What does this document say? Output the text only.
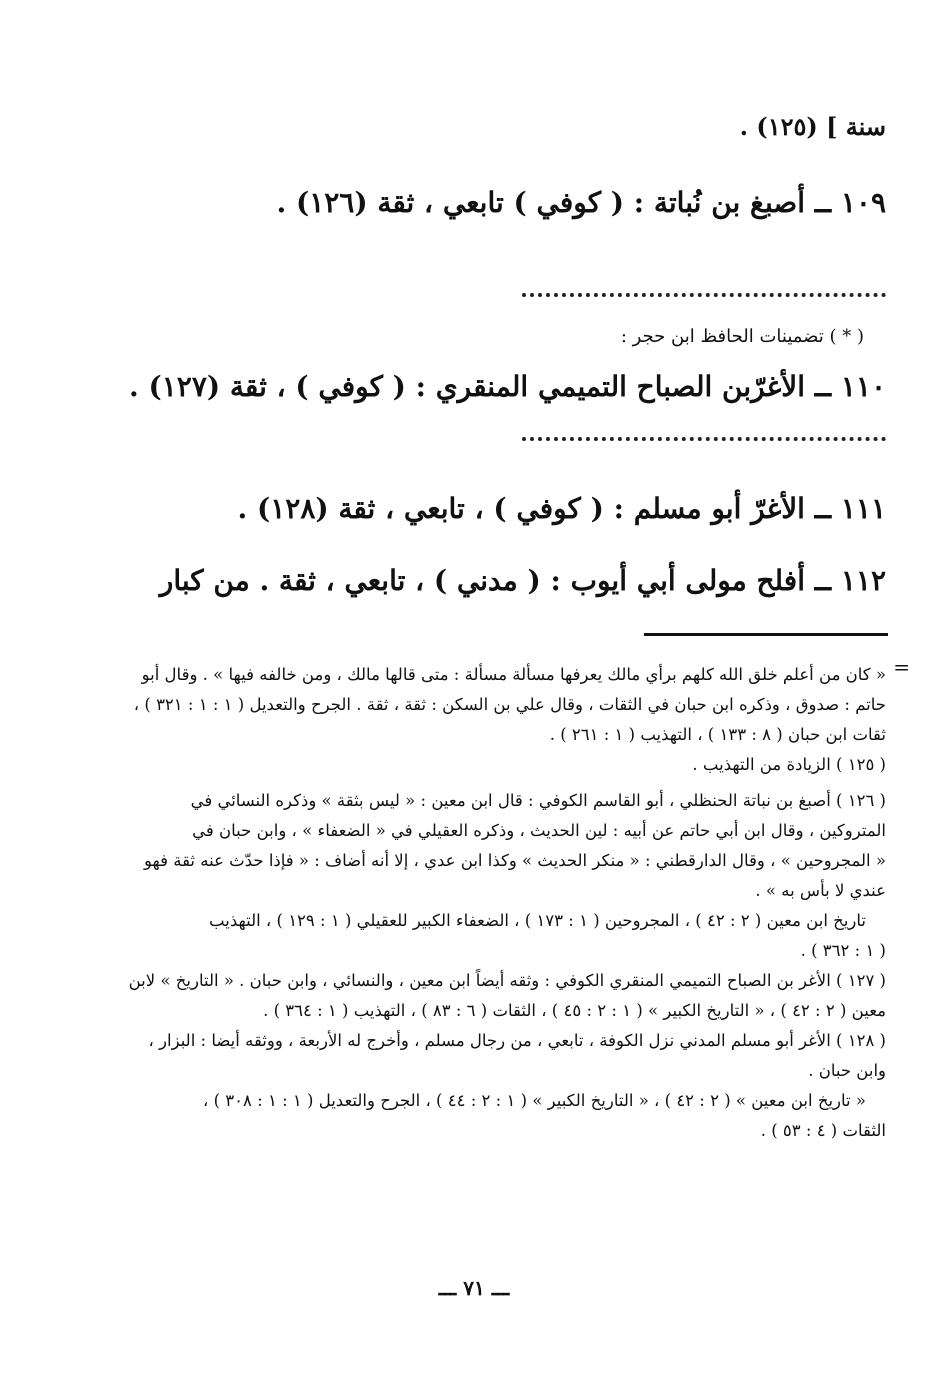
سنة ] (١٢٥) .
١٠٩ ــ أصبغ بن نُباتة : ( كوفي ) تابعي ، ثقة (١٢٦) .
( * ) تضمينات الحافظ ابن حجر :
١١٠ ــ الأغرّبن الصباح التميمي المنقري : ( كوفي ) ، ثقة (١٢٧) .
١١١ ــ الأغرّ أبو مسلم : ( كوفي ) ، تابعي ، ثقة (١٢٨) .
١١٢ ــ أفلح مولى أبي أيوب : ( مدني ) ، تابعي ، ثقة . من كبار
=
« كان من أعلم خلق الله كلهم برأي مالك يعرفها مسألة مسألة : متى قالها مالك ، ومن خالفه فيها » . وقال أبو
حاتم : صدوق ، وذكره ابن حبان في الثقات ، وقال علي بن السكن : ثقة ، ثقة . الجرح والتعديل ( ١ : ١ : ٣٢١ ) ،
ثقات ابن حبان ( ٨ : ١٣٣ ) ، التهذيب ( ١ : ٢٦١ ) .
( ١٢٥ ) الزيادة من التهذيب .
( ١٢٦ ) أصبغ بن نباتة الحنظلي ، أبو القاسم الكوفي : قال ابن معين : « ليس بثقة » وذكره النسائي في
المتروكين ، وقال ابن أبي حاتم عن أبيه : لين الحديث ، وذكره العقيلي في « الضعفاء » ، وابن حبان في
« المجروحين » ، وقال الدارقطني : « منكر الحديث » وكذا ابن عدي ، إلا أنه أضاف : « فإذا حدّث عنه ثقة فهو
عندي لا بأس به » .
تاريخ ابن معين ( ٢ : ٤٢ ) ، المجروحين ( ١ : ١٧٣ ) ، الضعفاء الكبير للعقيلي ( ١ : ١٢٩ ) ، التهذيب
( ١ : ٣٦٢ ) .
( ١٢٧ ) الأغر بن الصباح التميمي المنقري الكوفي : وثقه أيضاً ابن معين ، والنسائي ، وابن حبان . « التاريخ » لابن
معين ( ٢ : ٤٢ ) ، « التاريخ الكبير » ( ١ : ٢ : ٤٥ ) ، الثقات ( ٦ : ٨٣ ) ، التهذيب ( ١ : ٣٦٤ ) .
( ١٢٨ ) الأغر أبو مسلم المدني نزل الكوفة ، تابعي ، من رجال مسلم ، وأخرج له الأربعة ، ووثقه أيضا : البزار ،
وابن حبان .
« تاريخ ابن معين » ( ٢ : ٤٢ ) ، « التاريخ الكبير » ( ١ : ٢ : ٤٤ ) ، الجرح والتعديل ( ١ : ١ : ٣٠٨ ) ،
الثقات ( ٤ : ٥٣ ) .
ـــ ٧١ ـــ
